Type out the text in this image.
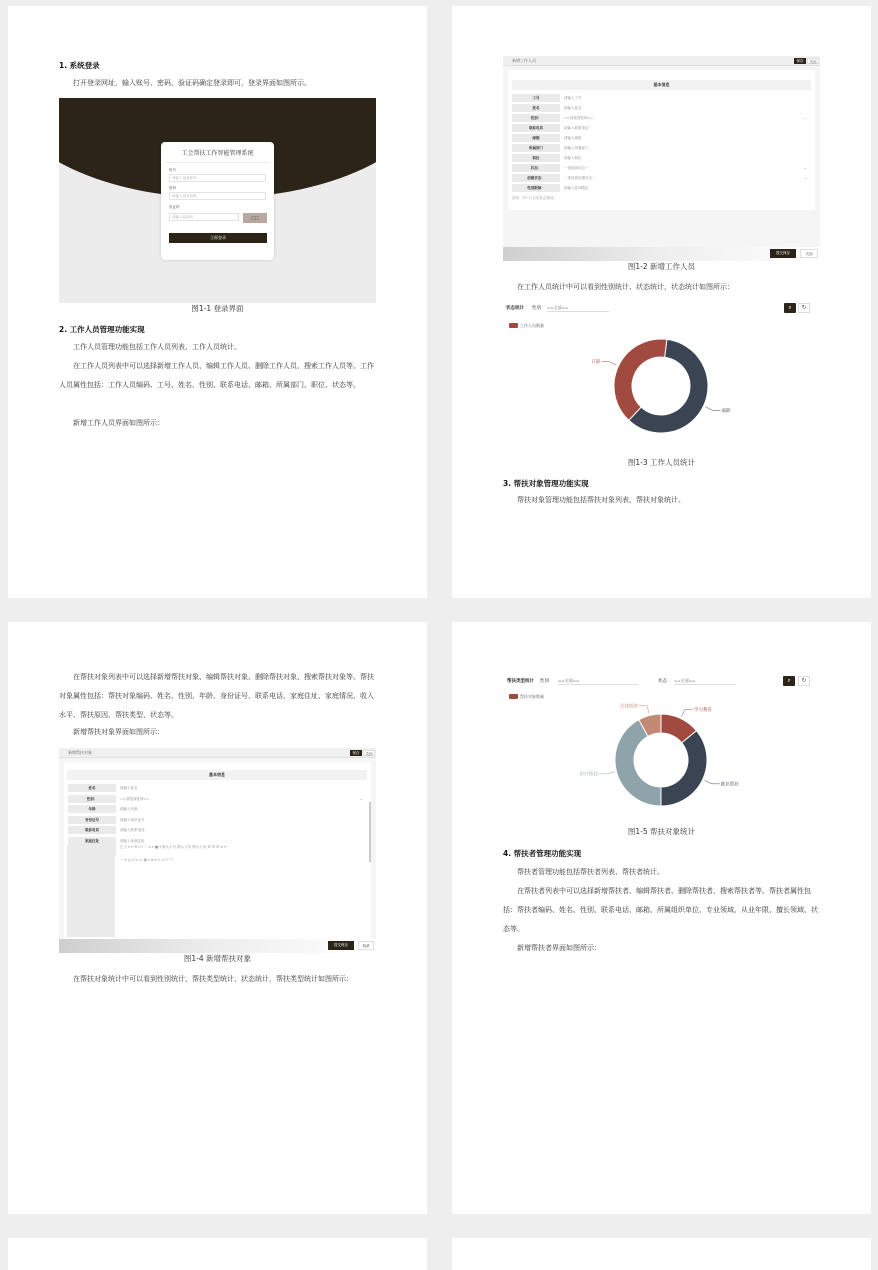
1. 系统登录
打开登录网址，输入账号、密码、验证码确定登录即可，登录界面如图所示。
工会帮扶工作智能管理系统
账号
请输入登录账号
密码
请输入登录密码
验证码
请输入验证码	□□
立即登录
图1-1 登录界面
2. 工作人员管理功能实现
工作人员管理功能包括工作人员列表、工作人员统计。
在工作人员列表中可以选择新增工作人员、编辑工作人员、删除工作人员、搜索工作人员等。工作人员属性包括：工作人员编码、工号、姓名、性别、联系电话、邮箱、所属部门、职位、状态等。
新增工作人员界面如图所示：
新增工作人员	保存	关闭
基本信息
工号	请输入工号
姓名	请输入姓名
性别：	==请选择性别==	⌄
联系电话	请输入联系电话
邮箱	请输入邮箱
所属部门	请输入所属部门
职位	请输入职位
状态：	一请选择状态一	⌄
创建状态：	一请选择创建状态一	⌄
性别限制：	请输入性别限定
说明：共* 行总信息必填项。
提交保存	关闭
图1-2 新增工作人员
在工作人员统计中可以看到性别统计、状态统计，状态统计如图所示：
状态统计 性别： ==全部==	⌕	↻
工作人员数量
离职
在职
图1-3 工作人员统计
3. 帮扶对象管理功能实现
帮扶对象管理功能包括帮扶对象列表、帮扶对象统计。
在帮扶对象列表中可以选择新增帮扶对象、编辑帮扶对象、删除帮扶对象、搜索帮扶对象等。帮扶对象属性包括：帮扶对象编码、姓名、性别、年龄、身份证号、联系电话、家庭住址、家庭情况、收入水平、帮扶原因、帮扶类型、状态等。
新增帮扶对象界面如图所示：
新增帮扶对象	保存	关闭
基本信息
姓名	请输入姓名
性别：	==请选择性别==	⌄
年龄	请输入年龄
身份证号	请输入身份证号
联系电话	请输入联系电话
家庭住址	请输入家庭住址
正文 ▾ H B U I ··· A ▾ ■ ▾ 默认字号 默认字体 默认行高 ☰ ☰ ☰ ≡ ▾
⋯ ▾ ☺ ▾ ⊘ ▭ ▦ ▾ ⊞ ▾ ↔ ⊡ ↶ ↷
提交保存	取消
图1-4 新增帮扶对象
在帮扶对象统计中可以看到性别统计、帮扶类型统计、状态统计，帮扶类型统计如图所示：
帮扶类型统计 性别： ==全部==	状态： ==全部==	⌕	↻
帮扶对象数量
学习教育
就业帮扶
医疗帮扶
法律援助
图1-5 帮扶对象统计
4. 帮扶者管理功能实现
帮扶者管理功能包括帮扶者列表、帮扶者统计。
在帮扶者列表中可以选择新增帮扶者、编辑帮扶者、删除帮扶者、搜索帮扶者等。帮扶者属性包括：帮扶者编码、姓名、性别、联系电话、邮箱、所属组织单位、专业领域、从业年限、擅长领域、状态等。
新增帮扶者界面如图所示：
